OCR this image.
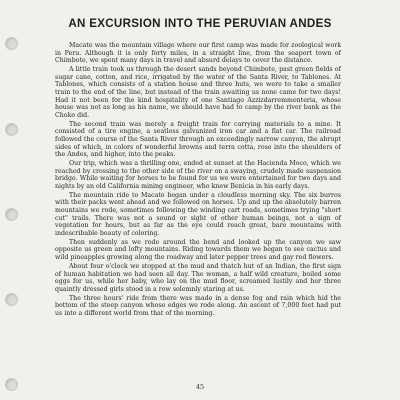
AN EXCURSION INTO THE PERUVIAN ANDES

Macate was the mountain village where our first camp was made for zoological work in Peru. Although it is only forty miles, in a straight line, from the seaport town of Chimbote, we spent many days in travel and absurd delays to cover the distance.

A little train took us through the desert sands beyond Chimbote, past green fields of sugar cane, cotton, and rice, irrigated by the water of the Santa River, to Tablones. At Tablones, which consists of a station house and three huts, we were to take a smaller train to the end of the line, but instead of the train awaiting us none came for two days! Had it not been for the kind hospitality of one Santiago Azzizdarremmenteria, whose house was not as long as his name, we should have had to camp by the river bank as the Choko did.

The second train was merely a freight train for carrying materials to a mine. It consisted of a tire engine, a seatless galvanized iron car and a flat car. The railroad followed the course of the Santa River through an exceedingly narrow canyon, the abrupt sides of which, in colors of wonderful browns and terra cotta, rose into the shoulders of the Andes, and higher, into the peaks.

Our trip, which was a thrilling one, ended at sunset at the Hacienda Moco, which we reached by crossing to the other side of the river on a swaying, crudely made suspension bridge. While waiting for horses to be found for us we were entertained for two days and nights by an old California mining engineer, who knew Benicia in his early days.

The mountain ride to Macate began under a cloudless morning sky. The six burros with their packs went ahead and we followed on horses. Up and up the absolutely barren mountains we rode, sometimes following the winding cart roads, sometimes trying "short cut" trails. There was not a sound or sight of other human beings, not a sign of vegetation for hours, but as far as the eye could reach great, bare mountains with indescribable beauty of coloring.

Then suddenly as we rode around the bend and looked up the canyon we saw opposite us green and lofty mountains. Riding towards them we began to see cactus and wild pineapples growing along the roadway and later pepper trees and gay red flowers.

About four o'clock we stopped at the mud and thatch hut of an Indian, the first sign of human habitation we had seen all day. The woman, a half wild creature, boiled some eggs for us, while her baby, who lay on the mud floor, screamed lustily and her three quaintly dressed girls stood in a row solemnly staring at us.

The three hours' ride from there was made in a dense fog and rain which hid the bottom of the steep canyon whose edges we rode along. An ascent of 7,000 feet had put us into a different world from that of the morning.

45
